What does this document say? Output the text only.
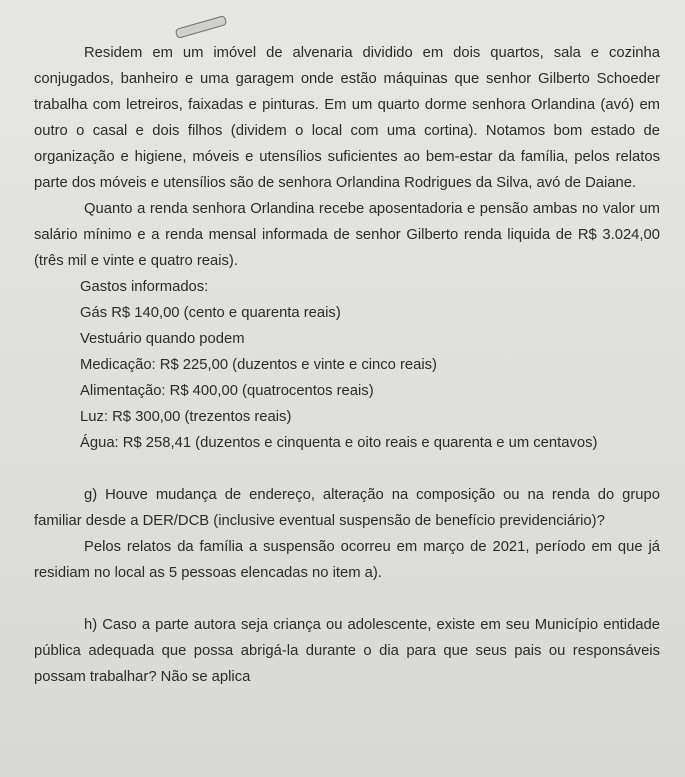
Residem em um imóvel de alvenaria dividido em dois quartos, sala e cozinha conjugados, banheiro e uma garagem onde estão máquinas que senhor Gilberto Schoeder trabalha com letreiros, faixadas e pinturas. Em um quarto dorme senhora Orlandina (avó) em outro o casal e dois filhos (dividem o local com uma cortina). Notamos bom estado de organização e higiene, móveis e utensílios suficientes ao bem-estar da família, pelos relatos parte dos móveis e utensílios são de senhora Orlandina Rodrigues da Silva, avó de Daiane.

Quanto a renda senhora Orlandina recebe aposentadoria e pensão ambas no valor um salário mínimo e a renda mensal informada de senhor Gilberto renda liquida de R$ 3.024,00 (três mil e vinte e quatro reais).

Gastos informados:
Gás R$ 140,00 (cento e quarenta reais)
Vestuário quando podem
Medicação: R$ 225,00 (duzentos e vinte e cinco reais)
Alimentação: R$ 400,00 (quatrocentos reais)
Luz: R$ 300,00 (trezentos reais)
Água: R$ 258,41 (duzentos e cinquenta e oito reais e quarenta e um centavos)

g) Houve mudança de endereço, alteração na composição ou na renda do grupo familiar desde a DER/DCB (inclusive eventual suspensão de benefício previdenciário)?

Pelos relatos da família a suspensão ocorreu em março de 2021, período em que já residiam no local as 5 pessoas elencadas no item a).

h) Caso a parte autora seja criança ou adolescente, existe em seu Município entidade pública adequada que possa abrigá-la durante o dia para que seus pais ou responsáveis possam trabalhar? Não se aplica
